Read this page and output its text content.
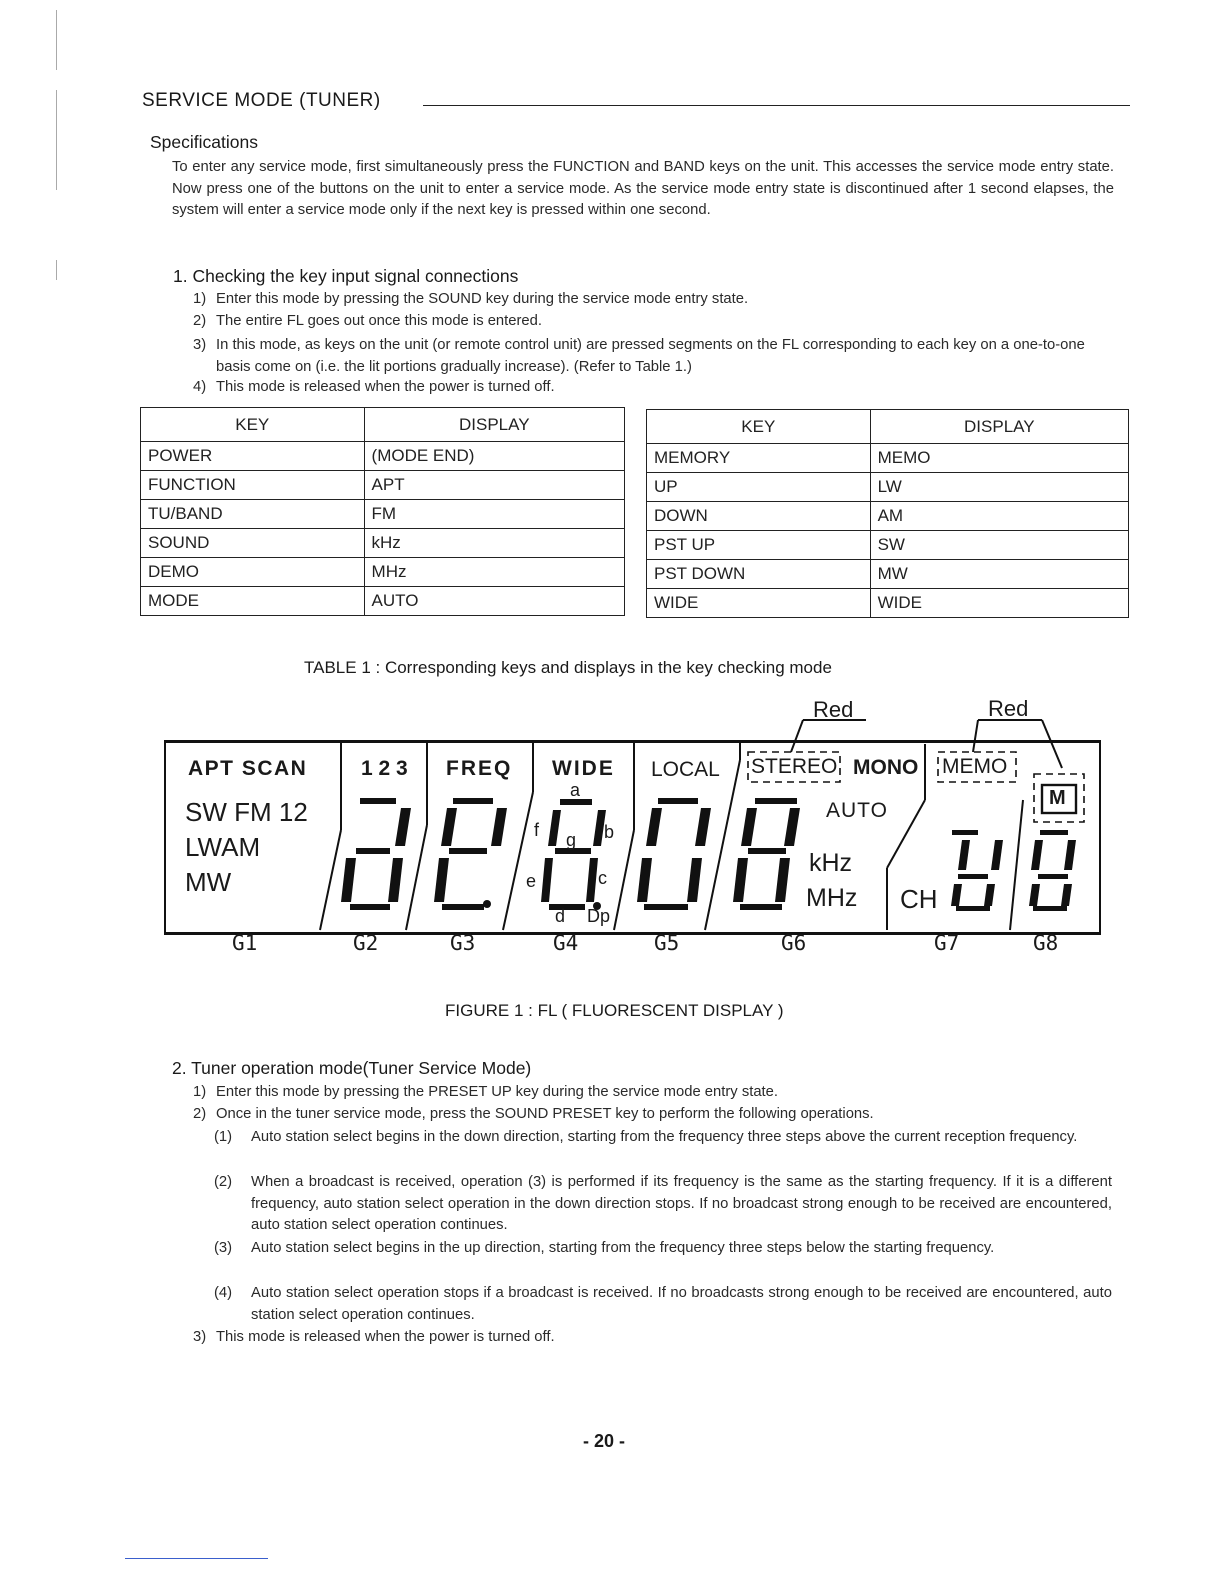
SERVICE MODE (TUNER)
Specifications
To enter any service mode, first simultaneously press the FUNCTION and BAND keys on the unit. This accesses the service mode entry state. Now press one of the buttons on the unit to enter a service mode. As the service mode entry state is discontinued after 1 second elapses, the system will enter a service mode only if the next key is pressed within one second.
1. Checking the key input signal connections
1) Enter this mode by pressing the SOUND key during the service mode entry state.
2) The entire FL goes out once this mode is entered.
3) In this mode, as keys on the unit (or remote control unit) are pressed segments on the FL corresponding to each key on a one-to-one basis come on (i.e. the lit portions gradually increase). (Refer to Table 1.)
4) This mode is released when the power is turned off.
KEY	DISPLAY
POWER	(MODE END)
FUNCTION	APT
TU/BAND	FM
SOUND	kHz
DEMO	MHz
MODE	AUTO
KEY	DISPLAY
MEMORY	MEMO
UP	LW
DOWN	AM
PST UP	SW
PST DOWN	MW
WIDE	WIDE
TABLE 1 : Corresponding keys and displays in the key checking mode
Red	Red
APT SCAN
SW FM 12
LWAM
MW
1 2 3 FREQ WIDE LOCAL STEREO MONO MEMO
M
AUTO
kHz
MHz CH
a
b
c
d
e
f g
Dp
G1	G2	G3	G4	G5	G6	G7	G8
FIGURE 1 : FL ( FLUORESCENT DISPLAY )
2. Tuner operation mode(Tuner Service Mode)
1) Enter this mode by pressing the PRESET UP key during the service mode entry state.
2) Once in the tuner service mode, press the SOUND PRESET key to perform the following operations.
(1) Auto station select begins in the down direction, starting from the frequency three steps above the current reception frequency.
(2) When a broadcast is received, operation (3) is performed if its frequency is the same as the starting frequency. If it is a different frequency, auto station select operation in the down direction stops. If no broadcast strong enough to be received are encountered, auto station select operation continues.
(3) Auto station select begins in the up direction, starting from the frequency three steps below the starting frequency.
(4) Auto station select operation stops if a broadcast is received. If no broadcasts strong enough to be received are encountered, auto station select operation continues.
3) This mode is released when the power is turned off.
- 20 -
